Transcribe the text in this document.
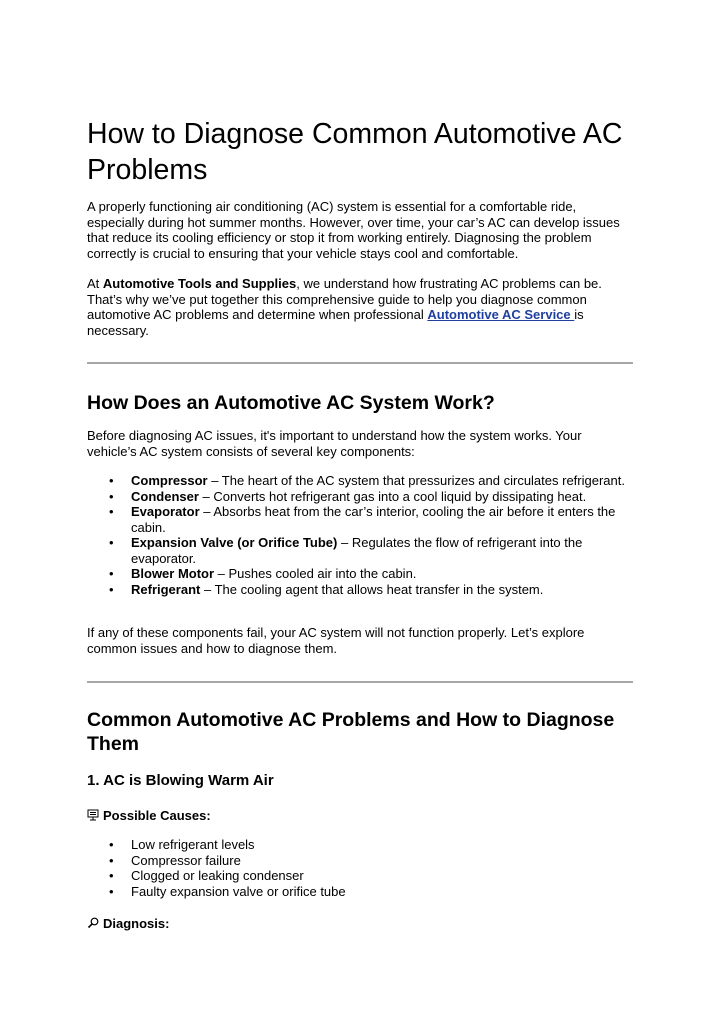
How to Diagnose Common Automotive AC Problems

A properly functioning air conditioning (AC) system is essential for a comfortable ride, especially during hot summer months. However, over time, your car’s AC can develop issues that reduce its cooling efficiency or stop it from working entirely. Diagnosing the problem correctly is crucial to ensuring that your vehicle stays cool and comfortable.

At Automotive Tools and Supplies, we understand how frustrating AC problems can be. That’s why we’ve put together this comprehensive guide to help you diagnose common automotive AC problems and determine when professional Automotive AC Service is necessary.

How Does an Automotive AC System Work?

Before diagnosing AC issues, it's important to understand how the system works. Your vehicle’s AC system consists of several key components:

• Compressor – The heart of the AC system that pressurizes and circulates refrigerant.
• Condenser – Converts hot refrigerant gas into a cool liquid by dissipating heat.
• Evaporator – Absorbs heat from the car’s interior, cooling the air before it enters the cabin.
• Expansion Valve (or Orifice Tube) – Regulates the flow of refrigerant into the evaporator.
• Blower Motor – Pushes cooled air into the cabin.
• Refrigerant – The cooling agent that allows heat transfer in the system.

If any of these components fail, your AC system will not function properly. Let’s explore common issues and how to diagnose them.

Common Automotive AC Problems and How to Diagnose Them
1. AC is Blowing Warm Air
Possible Causes:
• Low refrigerant levels
• Compressor failure
• Clogged or leaking condenser
• Faulty expansion valve or orifice tube
Diagnosis:
